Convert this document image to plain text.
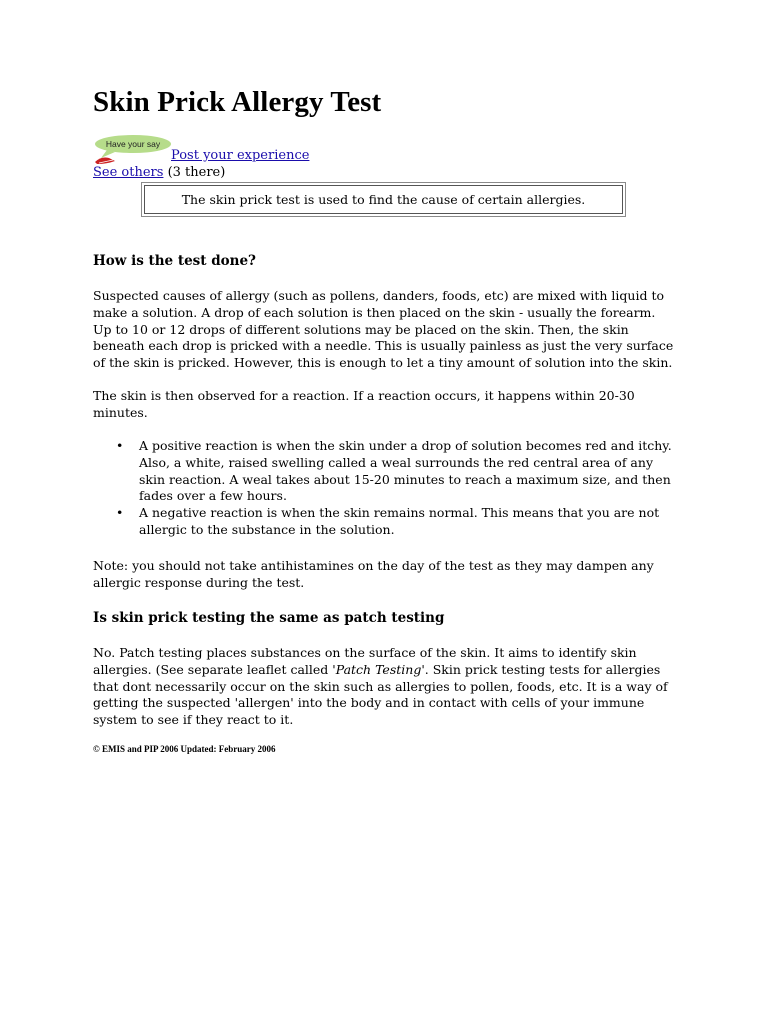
Skin Prick Allergy Test
Have your say
Post your experience
See others (3 there)
The skin prick test is used to find the cause of certain allergies.
How is the test done?

Suspected causes of allergy (such as pollens, danders, foods, etc) are mixed with liquid to make a solution. A drop of each solution is then placed on the skin - usually the forearm. Up to 10 or 12 drops of different solutions may be placed on the skin. Then, the skin beneath each drop is pricked with a needle. This is usually painless as just the very surface of the skin is pricked. However, this is enough to let a tiny amount of solution into the skin.

The skin is then observed for a reaction. If a reaction occurs, it happens within 20-30 minutes.

• A positive reaction is when the skin under a drop of solution becomes red and itchy. Also, a white, raised swelling called a weal surrounds the red central area of any skin reaction. A weal takes about 15-20 minutes to reach a maximum size, and then fades over a few hours.
• A negative reaction is when the skin remains normal. This means that you are not allergic to the substance in the solution.

Note: you should not take antihistamines on the day of the test as they may dampen any allergic response during the test.

Is skin prick testing the same as patch testing

No. Patch testing places substances on the surface of the skin. It aims to identify skin allergies. (See separate leaflet called 'Patch Testing'. Skin prick testing tests for allergies that dont necessarily occur on the skin such as allergies to pollen, foods, etc. It is a way of getting the suspected 'allergen' into the body and in contact with cells of your immune system to see if they react to it.

© EMIS and PIP 2006 Updated: February 2006
